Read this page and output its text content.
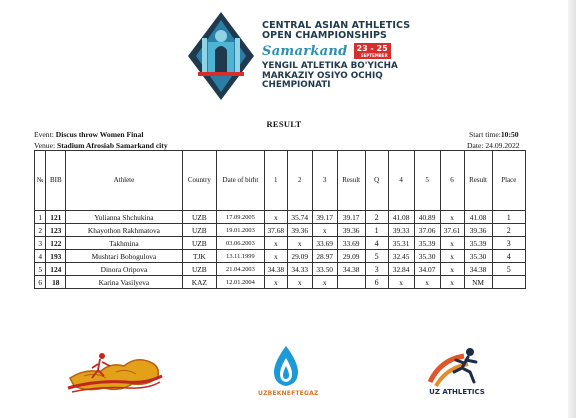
CENTRAL ASIAN ATHLETICS
OPEN CHAMPIONSHIPS
Samarkand	23 - 25
SEPTEMBER
YENGIL ATLETIKA BO'YICHA
MARKAZIY OSIYO OCHIQ
CHEMPIONATI
RESULT
Event: Discus throw Women Final
Venue: Stadium Afrosiab Samarkand city
Start time:10:50
Date: 24.09.2022
№	BIB	Athlete	Country	Date of birht	1	2	3	Result	Q	4	5	6	Result	Place
1	121	Yulianna Shchukina	UZB	17.09.2005	x	35.74	39.17	39.17	2	41.08	40.89	x	41.08	1
2	123	Khayothon Rakhmatova	UZB	19.01.2003	37.68	39.36	x	39.36	1	39.33	37.06	37.61	39.36	2
3	122	Takhmina	UZB	03.06.2003	x	x	33.69	33.69	4	35.31	35.39	x	35.39	3
4	193	Mushtari Bobogulova	TJK	13.11.1999	x	29.09	28.97	29.09	5	32.45	35.30	x	35.30	4
5	124	Dinora Oripova	UZB	21.04.2003	34.38	34.33	33.50	34.38	3	32.84	34.07	x	34.38	5
6	18	Karina Vasilyeva	KAZ	12.01.2004	x	x	x		6	x	x	x	NM	
UZBEKNEFTEGAZ	UZ ATHLETICS
